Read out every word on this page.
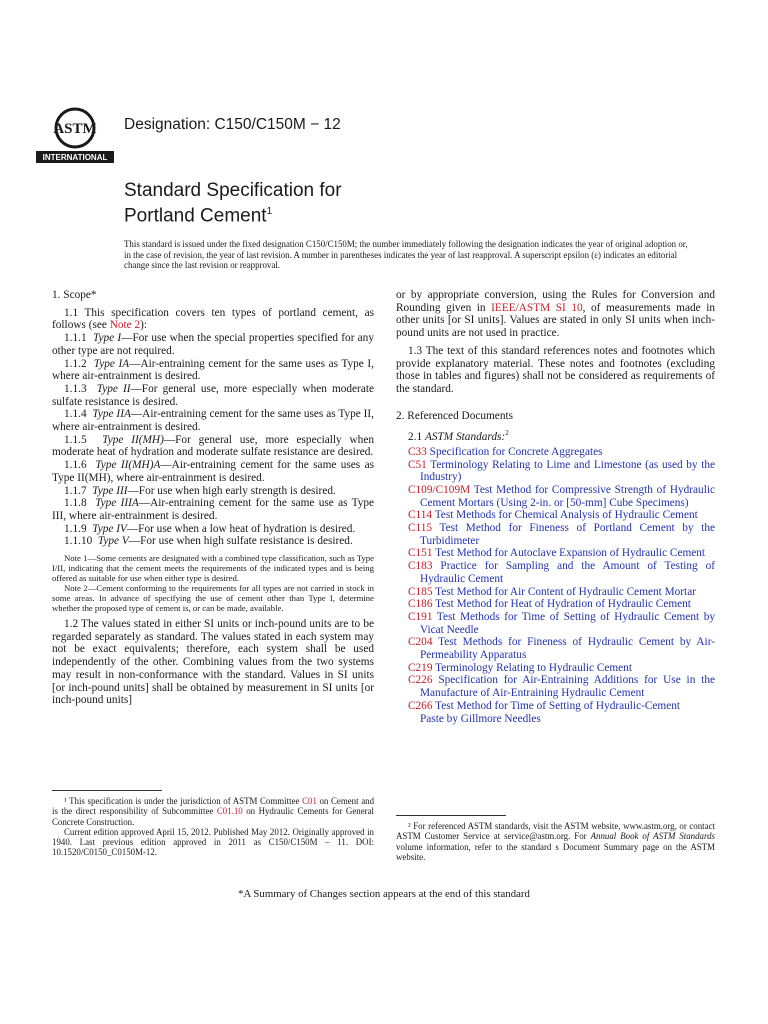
ASTM
INTERNATIONAL
Designation: C150/C150M − 12
Standard Specification for
Portland Cement$^1$
This standard is issued under the fixed designation C150/C150M; the number immediately following the designation indicates the year of original adoption or, in the case of revision, the year of last revision. A number in parentheses indicates the year of last reapproval. A superscript epsilon (ε) indicates an editorial change since the last revision or reapproval.

1. Scope*

1.1 This specification covers ten types of portland cement, as follows (see Note 2):

1.1.1 Type I—For use when the special properties specified for any other type are not required.

1.1.2 Type IA—Air-entraining cement for the same uses as Type I, where air-entrainment is desired.

1.1.3 Type II—For general use, more especially when moderate sulfate resistance is desired.

1.1.4 Type IIA—Air-entraining cement for the same uses as Type II, where air-entrainment is desired.

1.1.5 Type II(MH)—For general use, more especially when moderate heat of hydration and moderate sulfate resistance are desired.

1.1.6 Type II(MH)A—Air-entraining cement for the same uses as Type II(MH), where air-entrainment is desired.

1.1.7 Type III—For use when high early strength is desired.

1.1.8 Type IIIA—Air-entraining cement for the same use as Type III, where air-entrainment is desired.

1.1.9 Type IV—For use when a low heat of hydration is desired.

1.1.10 Type V—For use when high sulfate resistance is desired.

Note 1—Some cements are designated with a combined type classification, such as Type I/II, indicating that the cement meets the requirements of the indicated types and is being offered as suitable for use when either type is desired.

Note 2—Cement conforming to the requirements for all types are not carried in stock in some areas. In advance of specifying the use of cement other than Type I, determine whether the proposed type of cement is, or can be made, available.

1.2 The values stated in either SI units or inch-pound units are to be regarded separately as standard. The values stated in each system may not be exact equivalents; therefore, each system shall be used independently of the other. Combining values from the two systems may result in non-conformance with the standard. Values in SI units [or inch-pound units] shall be obtained by measurement in SI units [or inch-pound units]

or by appropriate conversion, using the Rules for Conversion and Rounding given in IEEE/ASTM SI 10, of measurements made in other units [or SI units]. Values are stated in only SI units when inch-pound units are not used in practice.

1.3 The text of this standard references notes and footnotes which provide explanatory material. These notes and footnotes (excluding those in tables and figures) shall not be considered as requirements of the standard.

2. Referenced Documents

2.1 ASTM Standards:$^2$

C33 Specification for Concrete Aggregates

C51 Terminology Relating to Lime and Limestone (as used by the Industry)

C109/C109M Test Method for Compressive Strength of Hydraulic Cement Mortars (Using 2-in. or [50-mm] Cube Specimens)

C114 Test Methods for Chemical Analysis of Hydraulic Cement

C115 Test Method for Fineness of Portland Cement by the Turbidimeter

C151 Test Method for Autoclave Expansion of Hydraulic Cement

C183 Practice for Sampling and the Amount of Testing of Hydraulic Cement

C185 Test Method for Air Content of Hydraulic Cement Mortar

C186 Test Method for Heat of Hydration of Hydraulic Cement

C191 Test Methods for Time of Setting of Hydraulic Cement by Vicat Needle

C204 Test Methods for Fineness of Hydraulic Cement by Air-Permeability Apparatus

C219 Terminology Relating to Hydraulic Cement

C226 Specification for Air-Entraining Additions for Use in the Manufacture of Air-Entraining Hydraulic Cement

C266 Test Method for Time of Setting of Hydraulic-Cement

Paste by Gillmore Needles

¹ This specification is under the jurisdiction of ASTM Committee C01 on Cement and is the direct responsibility of Subcommittee C01.10 on Hydraulic Cements for General Concrete Construction.
Current edition approved April 15, 2012. Published May 2012. Originally approved in 1940. Last previous edition approved in 2011 as C150/C150M – 11. DOI: 10.1520/C0150_C0150M-12.
² For referenced ASTM standards, visit the ASTM website, www.astm.org, or contact ASTM Customer Service at service@astm.org. For Annual Book of ASTM Standards volume information, refer to the standard s Document Summary page on the ASTM website.
*A Summary of Changes section appears at the end of this standard
